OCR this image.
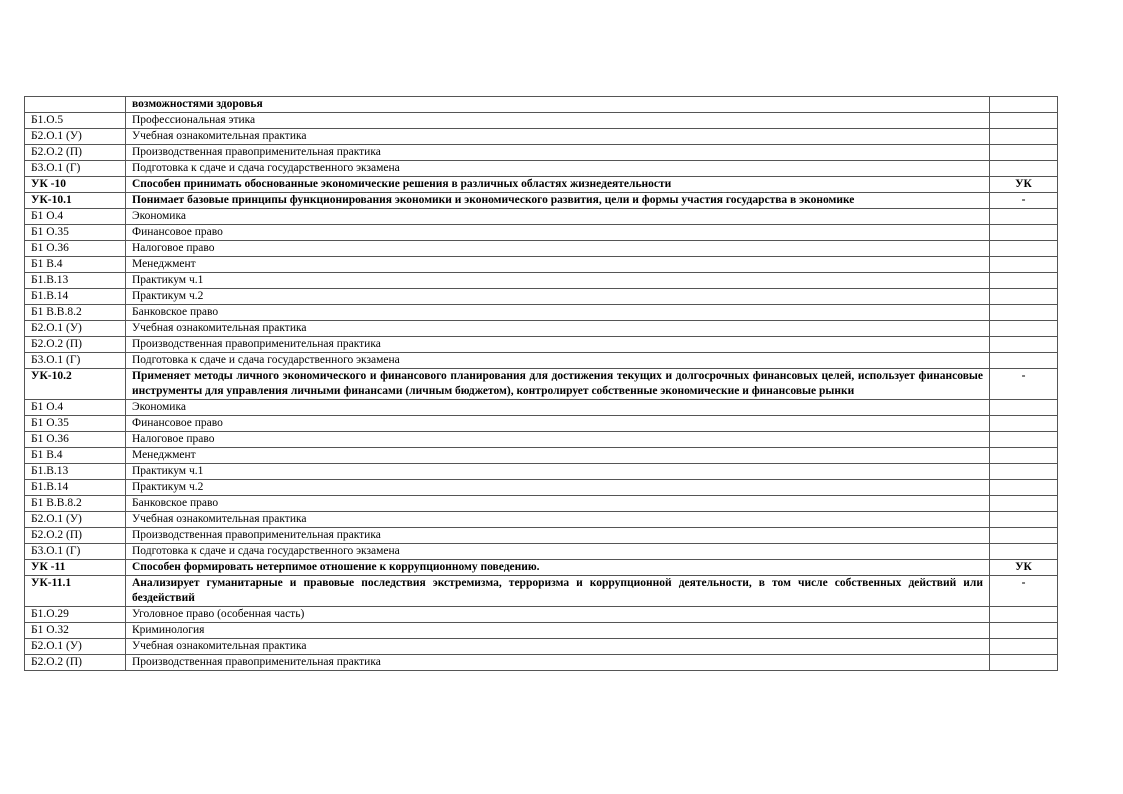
	возможностями здоровья	
Б1.О.5	Профессиональная этика	
Б2.О.1 (У)	Учебная ознакомительная практика	
Б2.О.2 (П)	Производственная правоприменительная практика	
Б3.О.1 (Г)	Подготовка к сдаче и сдача государственного экзамена	
УК -10	Способен принимать обоснованные экономические решения в различных областях жизнедеятельности	УК
УК-10.1	Понимает базовые принципы функционирования экономики и экономического развития, цели и формы участия государства в экономике	-
Б1 О.4	Экономика	
Б1 О.35	Финансовое право	
Б1 О.36	Налоговое право	
Б1 В.4	Менеджмент	
Б1.В.13	Практикум ч.1	
Б1.В.14	Практикум ч.2	
Б1 В.В.8.2	Банковское право	
Б2.О.1 (У)	Учебная ознакомительная практика	
Б2.О.2 (П)	Производственная правоприменительная практика	
Б3.О.1 (Г)	Подготовка к сдаче и сдача государственного экзамена	
УК-10.2	Применяет методы личного экономического и финансового планирования для достижения текущих и долгосрочных финансовых целей, использует финансовые инструменты для управления личными финансами (личным бюджетом), контролирует собственные экономические и финансовые рынки	-
Б1 О.4	Экономика	
Б1 О.35	Финансовое право	
Б1 О.36	Налоговое право	
Б1 В.4	Менеджмент	
Б1.В.13	Практикум ч.1	
Б1.В.14	Практикум ч.2	
Б1 В.В.8.2	Банковское право	
Б2.О.1 (У)	Учебная ознакомительная практика	
Б2.О.2 (П)	Производственная правоприменительная практика	
Б3.О.1 (Г)	Подготовка к сдаче и сдача государственного экзамена	
УК -11	Способен формировать нетерпимое отношение к коррупционному поведению.	УК
УК-11.1	Анализирует гуманитарные и правовые последствия экстремизма, терроризма и коррупционной деятельности, в том числе собственных действий или бездействий	-
Б1.О.29	Уголовное право (особенная часть)	
Б1 О.32	Криминология	
Б2.О.1 (У)	Учебная ознакомительная практика	
Б2.О.2 (П)	Производственная правоприменительная практика	
